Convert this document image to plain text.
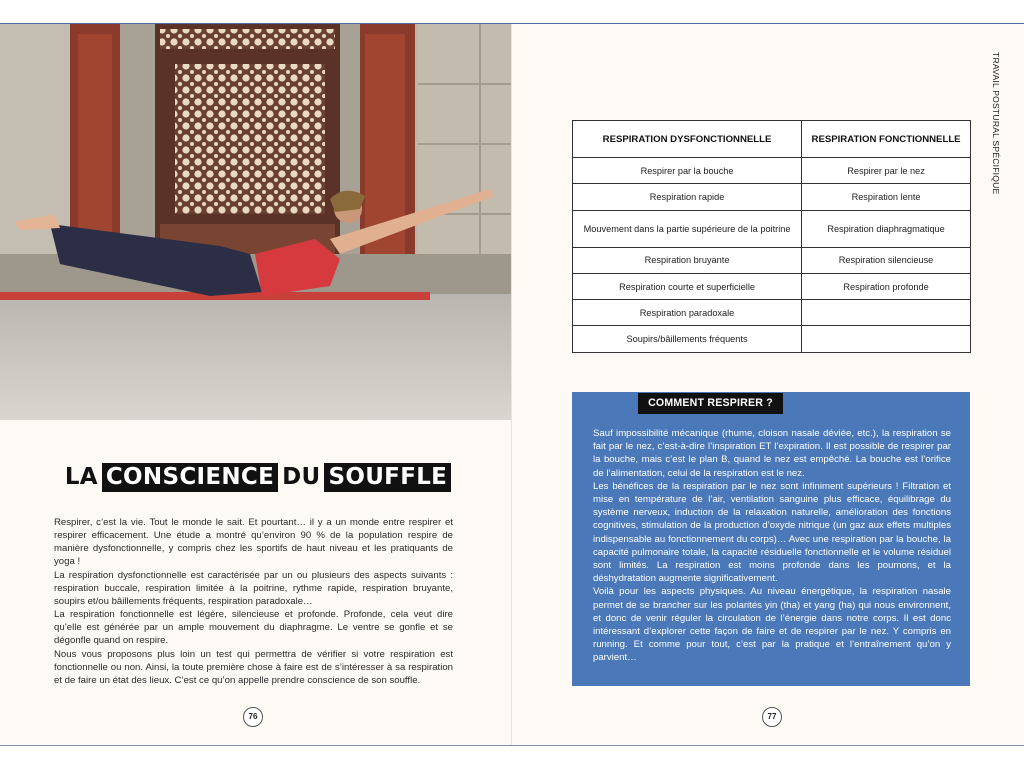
LA CONSCIENCE DU SOUFFLE

Respirer, c’est la vie. Tout le monde le sait. Et pourtant… il y a un monde entre respirer et respirer efficacement. Une étude a montré qu’environ 90 % de la population respire de manière dysfonctionnelle, y compris chez les sportifs de haut niveau et les pratiquants de yoga !

La respiration dysfonctionnelle est caractérisée par un ou plusieurs des aspects suivants : respiration buccale, respiration limitée à la poitrine, rythme rapide, respiration bruyante, soupirs et/ou bâillements fréquents, respiration paradoxale…

La respiration fonctionnelle est légère, silencieuse et profonde. Profonde, cela veut dire qu’elle est générée par un ample mouvement du diaphragme. Le ventre se gonfle et se dégonfle quand on respire.

Nous vous proposons plus loin un test qui permettra de vérifier si votre respiration est fonctionnelle ou non. Ainsi, la toute première chose à faire est de s’intéresser à sa respiration et de faire un état des lieux. C’est ce qu’on appelle prendre conscience de son souffle.

76
TRAVAIL POSTURAL SPÉCIFIQUE
RESPIRATION DYSFONCTIONNELLE	RESPIRATION FONCTIONNELLE
Respirer par la bouche	Respirer par le nez
Respiration rapide	Respiration lente
Mouvement dans la partie supérieure de la poitrine	Respiration diaphragmatique
Respiration bruyante	Respiration silencieuse
Respiration courte et superficielle	Respiration profonde
Respiration paradoxale	
Soupirs/bâillements fréquents	
COMMENT RESPIRER ?

Sauf impossibilité mécanique (rhume, cloison nasale déviée, etc.), la respiration se fait par le nez, c’est-à-dire l’inspiration ET l’expiration. Il est possible de respirer par la bouche, mais c’est le plan B, quand le nez est empêché. La bouche est l’orifice de l’alimentation, celui de la respiration est le nez.

Les bénéfices de la respiration par le nez sont infiniment supérieurs ! Filtration et mise en température de l’air, ventilation sanguine plus efficace, équilibrage du système nerveux, induction de la relaxation naturelle, amélioration des fonctions cognitives, stimulation de la production d’oxyde nitrique (un gaz aux effets multiples indispensable au fonctionnement du corps)… Avec une respiration par la bouche, la capacité pulmonaire totale, la capacité résiduelle fonctionnelle et le volume résiduel sont limités. La respiration est moins profonde dans les poumons, et la déshydratation augmente significativement.

Voilà pour les aspects physiques. Au niveau énergétique, la respiration nasale permet de se brancher sur les polarités yin (tha) et yang (ha) qui nous environnent, et donc de venir réguler la circulation de l’énergie dans notre corps. Il est donc intéressant d’explorer cette façon de faire et de respirer par le nez. Y compris en running. Et comme pour tout, c’est par la pratique et l’entraînement qu’on y parvient…

77
